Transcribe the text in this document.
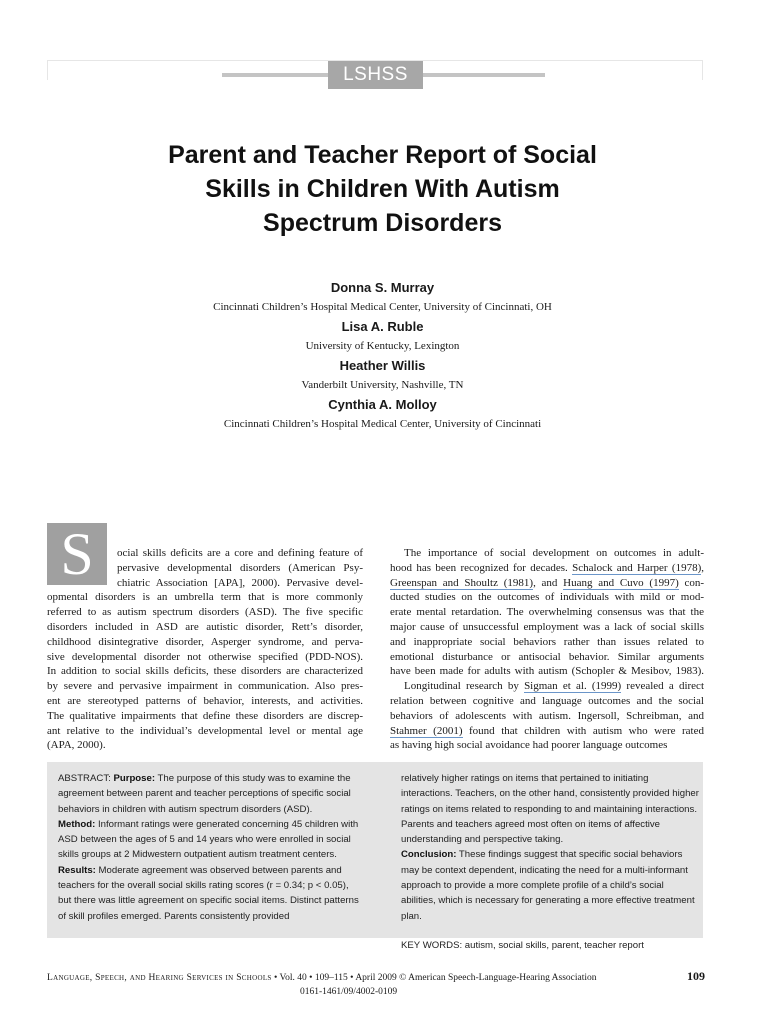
LSHSS
Parent and Teacher Report of Social
Skills in Children With Autism
Spectrum Disorders
Donna S. Murray
Cincinnati Children’s Hospital Medical Center, University of Cincinnati, OH
Lisa A. Ruble
University of Kentucky, Lexington
Heather Willis
Vanderbilt University, Nashville, TN
Cynthia A. Molloy
Cincinnati Children’s Hospital Medical Center, University of Cincinnati
S	ocial skills deficits are a core and defining feature of
pervasive developmental disorders (American Psy-
chiatric Association [APA], 2000). Pervasive devel-
opmental disorders is an umbrella term that is more commonly
referred to as autism spectrum disorders (ASD). The five specific
disorders included in ASD are autistic disorder, Rett’s disorder,
childhood disintegrative disorder, Asperger syndrome, and perva-
sive developmental disorder not otherwise specified (PDD-NOS).
In addition to social skills deficits, these disorders are characterized
by severe and pervasive impairment in communication. Also pres-
ent are stereotyped patterns of behavior, interests, and activities.
The qualitative impairments that define these disorders are discrep-
ant relative to the individual’s developmental level or mental age
(APA, 2000).
The importance of social development on outcomes in adult-
hood has been recognized for decades. Schalock and Harper (1978),
Greenspan and Shoultz (1981), and Huang and Cuvo (1997) con-
ducted studies on the outcomes of individuals with mild or mod-
erate mental retardation. The overwhelming consensus was that the
major cause of unsuccessful employment was a lack of social skills
and inappropriate social behaviors rather than issues related to
emotional disturbance or antisocial behavior. Similar arguments
have been made for adults with autism (Schopler & Mesibov, 1983).
Longitudinal research by Sigman et al. (1999) revealed a direct
relation between cognitive and language outcomes and the social
behaviors of adolescents with autism. Ingersoll, Schreibman, and
Stahmer (2001) found that children with autism who were rated
as having high social avoidance had poorer language outcomes

ABSTRACT: Purpose: The purpose of this study was to examine the agreement between parent and teacher perceptions of specific social behaviors in children with autism spectrum disorders (ASD).

Method: Informant ratings were generated concerning 45 children with ASD between the ages of 5 and 14 years who were enrolled in social skills groups at 2 Midwestern outpatient autism treatment centers.

Results: Moderate agreement was observed between parents and teachers for the overall social skills rating scores (r = 0.34; p < 0.05), but there was little agreement on specific social items. Distinct patterns of skill profiles emerged. Parents consistently provided

relatively higher ratings on items that pertained to initiating interactions. Teachers, on the other hand, consistently provided higher ratings on items related to responding to and maintaining interactions. Parents and teachers agreed most often on items of affective understanding and perspective taking.

Conclusion: These findings suggest that specific social behaviors may be context dependent, indicating the need for a multi-informant approach to provide a more complete profile of a child’s social abilities, which is necessary for generating a more effective treatment plan.

KEY WORDS: autism, social skills, parent, teacher report

Language, Speech, and Hearing Services in Schools • Vol. 40 • 109–115 • April 2009 © American Speech-Language-Hearing Association
0161-1461/09/4002-0109
109
